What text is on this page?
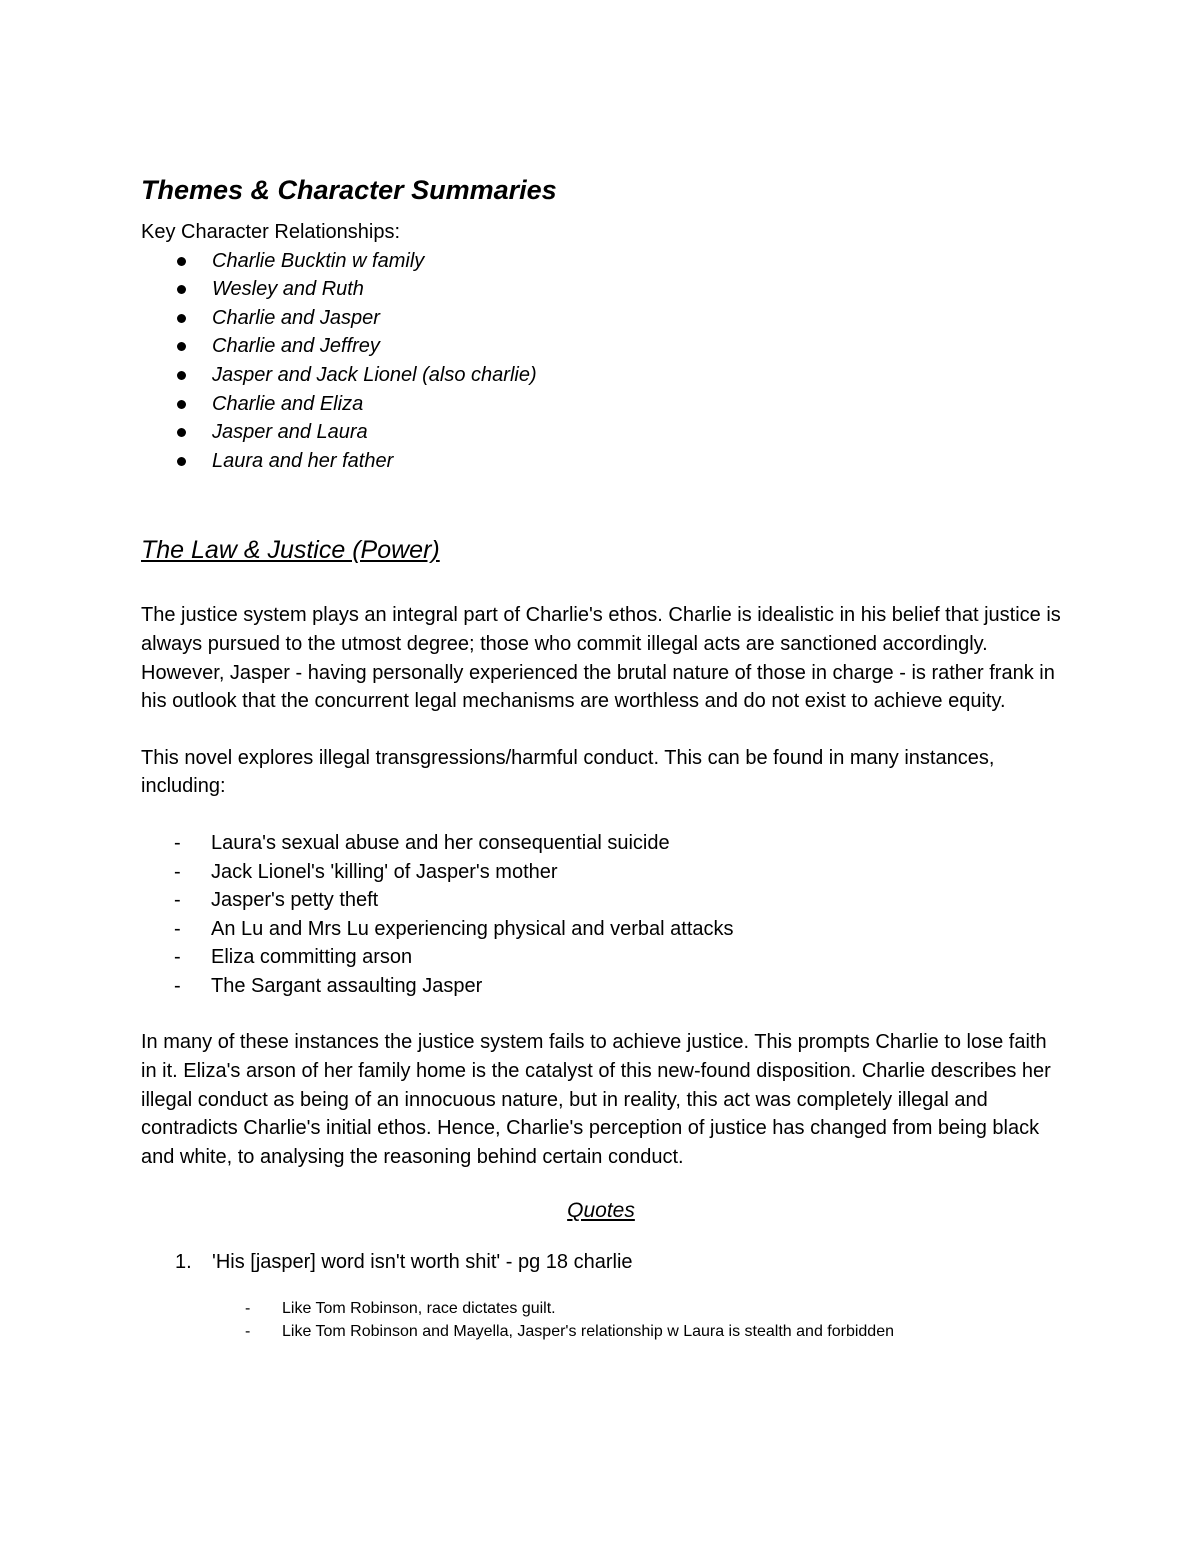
Themes & Character Summaries

Key Character Relationships:

Charlie Bucktin w family
Wesley and Ruth
Charlie and Jasper
Charlie and Jeffrey
Jasper and Jack Lionel (also charlie)
Charlie and Eliza
Jasper and Laura
Laura and her father
The Law & Justice (Power)

The justice system plays an integral part of Charlie's ethos. Charlie is idealistic in his belief that justice is always pursued to the utmost degree; those who commit illegal acts are sanctioned accordingly. However, Jasper - having personally experienced the brutal nature of those in charge - is rather frank in his outlook that the concurrent legal mechanisms are worthless and do not exist to achieve equity.

This novel explores illegal transgressions/harmful conduct. This can be found in many instances, including:

- Laura's sexual abuse and her consequential suicide
- Jack Lionel's 'killing' of Jasper's mother
- Jasper's petty theft
- An Lu and Mrs Lu experiencing physical and verbal attacks
- Eliza committing arson
- The Sargant assaulting Jasper

In many of these instances the justice system fails to achieve justice. This prompts Charlie to lose faith in it. Eliza's arson of her family home is the catalyst of this new-found disposition. Charlie describes her illegal conduct as being of an innocuous nature, but in reality, this act was completely illegal and contradicts Charlie's initial ethos. Hence, Charlie's perception of justice has changed from being black and white, to analysing the reasoning behind certain conduct.

Quotes
1. 'His [jasper] word isn't worth shit' - pg 18 charlie
- Like Tom Robinson, race dictates guilt.
- Like Tom Robinson and Mayella, Jasper's relationship w Laura is stealth and forbidden
